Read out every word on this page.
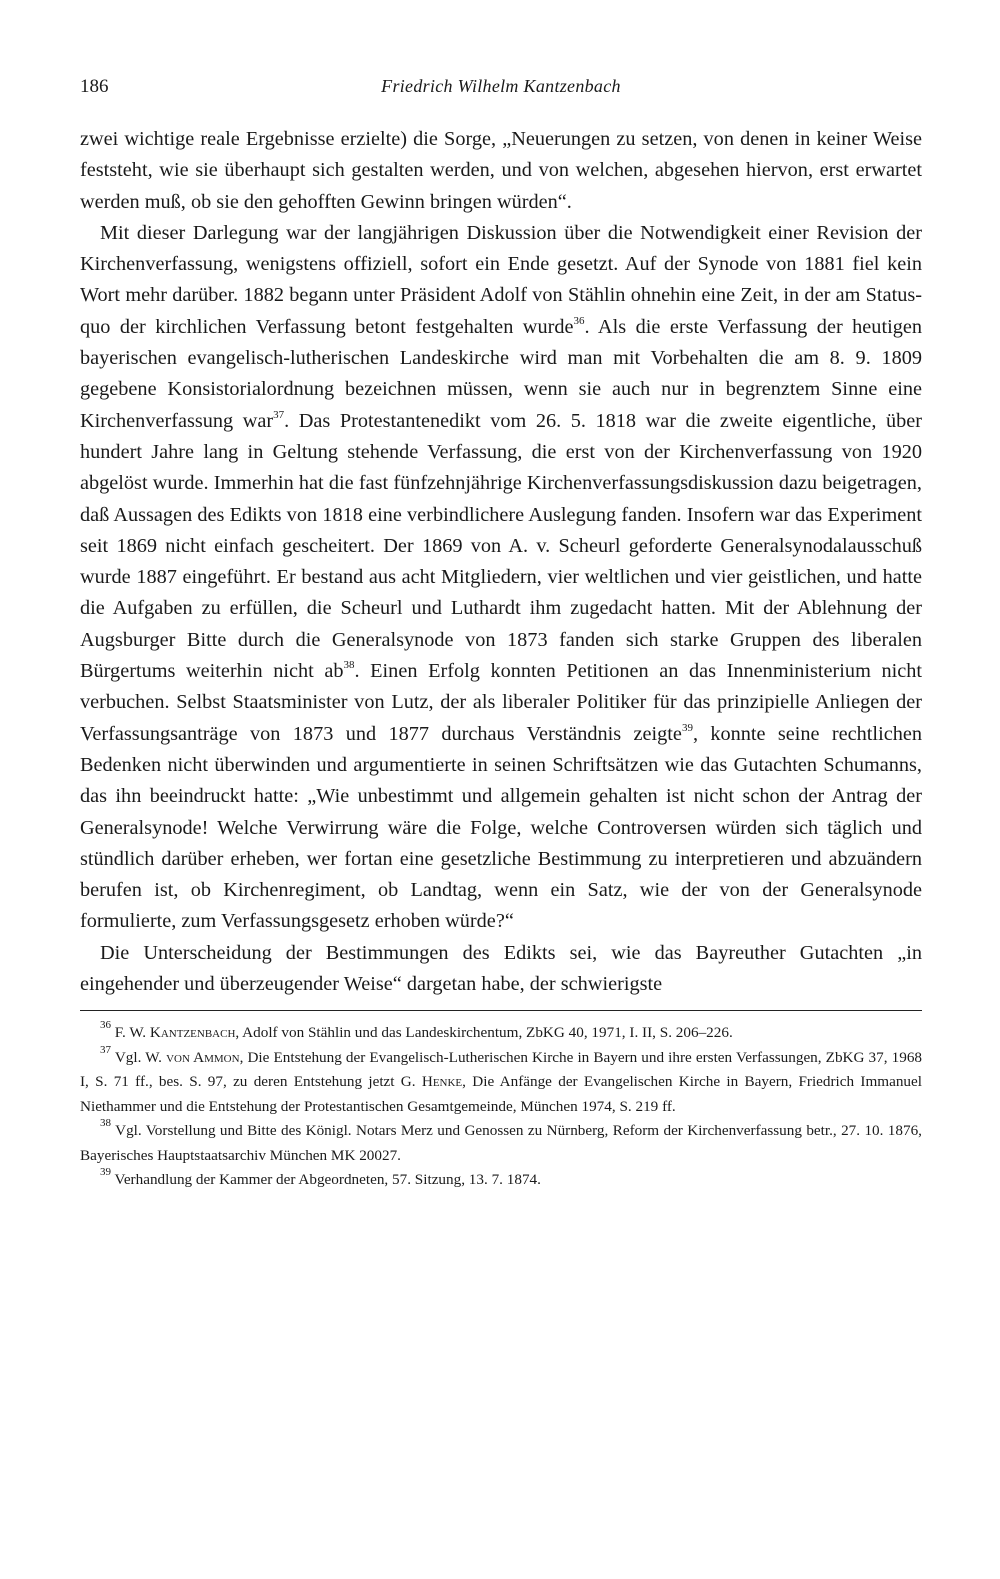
186	Friedrich Wilhelm Kantzenbach

zwei wichtige reale Ergebnisse erzielte) die Sorge, „Neuerungen zu setzen, von denen in keiner Weise feststeht, wie sie überhaupt sich gestalten werden, und von welchen, abgesehen hiervon, erst erwartet werden muß, ob sie den gehofften Gewinn bringen würden“.

Mit dieser Darlegung war der langjährigen Diskussion über die Notwendigkeit einer Revision der Kirchenverfassung, wenigstens offiziell, sofort ein Ende gesetzt. Auf der Synode von 1881 fiel kein Wort mehr darüber. 1882 begann unter Präsident Adolf von Stählin ohnehin eine Zeit, in der am Status-quo der kirchlichen Verfassung betont festgehalten wurde$^{36}$. Als die erste Verfassung der heutigen bayerischen evangelisch-lutherischen Landeskirche wird man mit Vorbehalten die am 8. 9. 1809 gegebene Konsistorialordnung bezeichnen müssen, wenn sie auch nur in begrenztem Sinne eine Kirchenverfassung war$^{37}$. Das Protestantenedikt vom 26. 5. 1818 war die zweite eigentliche, über hundert Jahre lang in Geltung stehende Verfassung, die erst von der Kirchenverfassung von 1920 abgelöst wurde. Immerhin hat die fast fünfzehnjährige Kirchenverfassungsdiskussion dazu beigetragen, daß Aussagen des Edikts von 1818 eine verbindlichere Auslegung fanden. Insofern war das Experiment seit 1869 nicht einfach gescheitert. Der 1869 von A. v. Scheurl geforderte Generalsynodalausschuß wurde 1887 eingeführt. Er bestand aus acht Mitgliedern, vier weltlichen und vier geistlichen, und hatte die Aufgaben zu erfüllen, die Scheurl und Luthardt ihm zugedacht hatten. Mit der Ablehnung der Augsburger Bitte durch die Generalsynode von 1873 fanden sich starke Gruppen des liberalen Bürgertums weiterhin nicht $ab^{38}$. Einen Erfolg konnten Petitionen an das Innenministerium nicht verbuchen. Selbst Staatsminister von Lutz, der als liberaler Politiker für das prinzipielle Anliegen der Verfassungsanträge von 1873 und 1877 durchaus Verständnis zeigte$^{39}$, konnte seine rechtlichen Bedenken nicht überwinden und argumentierte in seinen Schriftsätzen wie das Gutachten Schumanns, das ihn beeindruckt hatte: „Wie unbestimmt und allgemein gehalten ist nicht schon der Antrag der Generalsynode! Welche Verwirrung wäre die Folge, welche Controversen würden sich täglich und stündlich darüber erheben, wer fortan eine gesetzliche Bestimmung zu interpretieren und abzuändern berufen ist, ob Kirchenregiment, ob Landtag, wenn ein Satz, wie der von der Generalsynode formulierte, zum Verfassungsgesetz erhoben würde?“

Die Unterscheidung der Bestimmungen des Edikts sei, wie das Bayreuther Gutachten „in eingehender und überzeugender Weise“ dargetan habe, der schwierigste

$^{36}$ F. W. Kantzenbach, Adolf von Stählin und das Landeskirchentum, ZbKG 40, 1971, I. II, S. 206–226.

$^{37}$ Vgl. W. von Ammon, Die Entstehung der Evangelisch-Lutherischen Kirche in Bayern und ihre ersten Verfassungen, ZbKG 37, 1968 I, S. 71 ff., bes. S. 97, zu deren Entstehung jetzt G. Henke, Die Anfänge der Evangelischen Kirche in Bayern, Friedrich Immanuel Niethammer und die Entstehung der Protestantischen Gesamtgemeinde, München 1974, S. 219 ff.

$^{38}$ Vgl. Vorstellung und Bitte des Königl. Notars Merz und Genossen zu Nürnberg, Reform der Kirchenverfassung betr., 27. 10. 1876, Bayerisches Hauptstaatsarchiv München MK 20027.

$^{39}$ Verhandlung der Kammer der Abgeordneten, 57. Sitzung, 13. 7. 1874.
